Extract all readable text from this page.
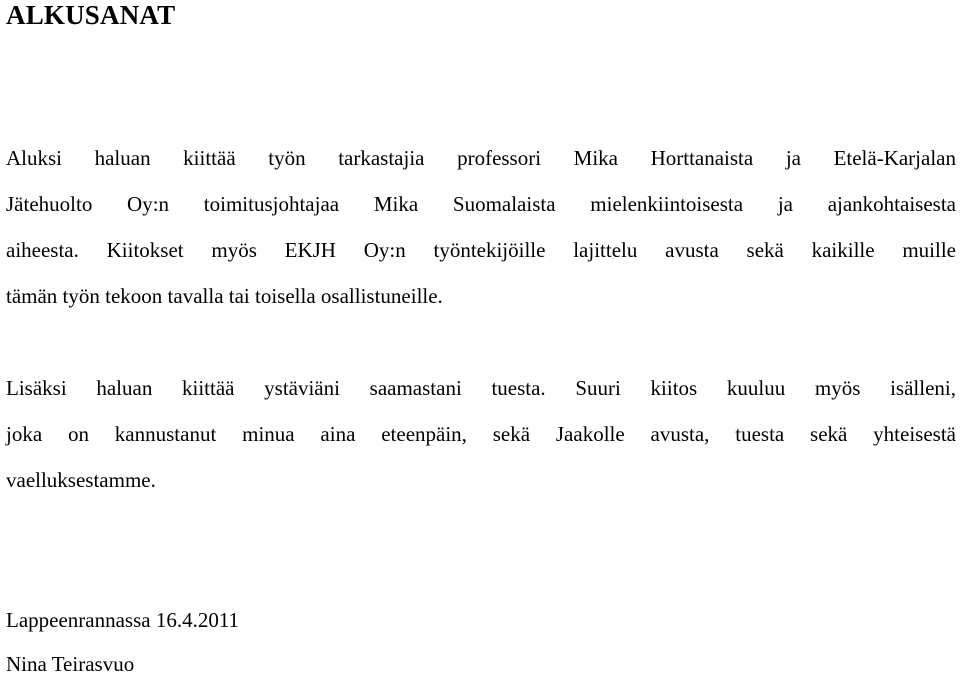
ALKUSANAT
Aluksi haluan kiittää työn tarkastajia professori Mika Horttanaista ja Etelä-Karjalan
Jätehuolto Oy:n toimitusjohtajaa Mika Suomalaista mielenkiintoisesta ja ajankohtaisesta
aiheesta. Kiitokset myös EKJH Oy:n työntekijöille lajittelu avusta sekä kaikille muille
tämän työn tekoon tavalla tai toisella osallistuneille.
Lisäksi haluan kiittää ystäviäni saamastani tuesta. Suuri kiitos kuuluu myös isälleni,
joka on kannustanut minua aina eteenpäin, sekä Jaakolle avusta, tuesta sekä yhteisestä
vaelluksestamme.
Lappeenrannassa 16.4.2011
Nina Teirasvuo
